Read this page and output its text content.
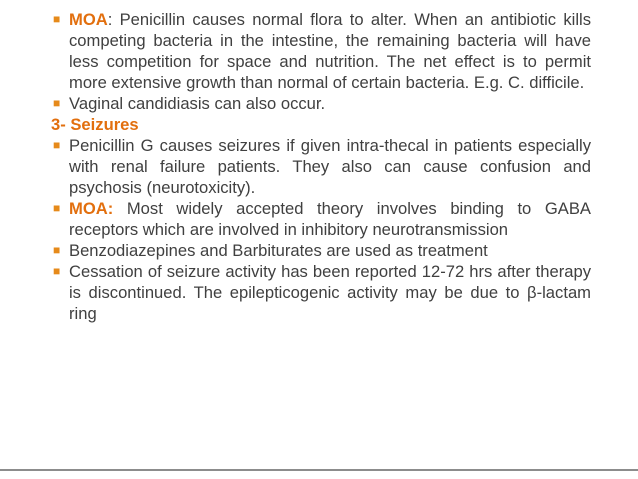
■ MOA: Penicillin causes normal flora to alter. When an antibiotic kills competing bacteria in the intestine, the remaining bacteria will have less competition for space and nutrition. The net effect is to permit more extensive growth than normal of certain bacteria. E.g. C. difficile.

■ Vaginal candidiasis can also occur.

3- Seizures

■ Penicillin G causes seizures if given intra-thecal in patients especially with renal failure patients. They also can cause confusion and psychosis (neurotoxicity).

■ MOA: Most widely accepted theory involves binding to GABA receptors which are involved in inhibitory neurotransmission

■ Benzodiazepines and Barbiturates are used as treatment

■ Cessation of seizure activity has been reported 12-72 hrs after therapy is discontinued. The epilepticogenic activity may be due to β-lactam ring
